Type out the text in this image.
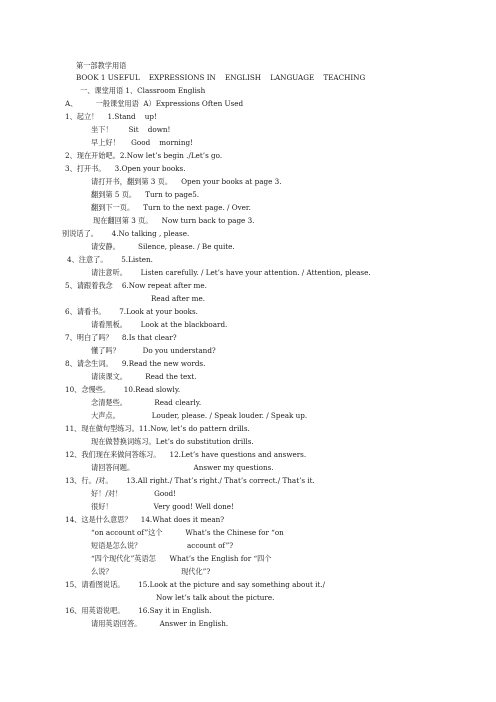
第一部教学用语
BOOK 1 USEFUL    EXPRESSIONS IN    ENGLISH    LANGUAGE    TEACHING
一、课堂用语 1、Classroom English
A、        一般课堂用语  A）Expressions Often Used
1、起立！    1.Stand    up!
坐下！       Sit    down!
早上好！     Good    morning!
2、现在开始吧。2.Now let’s begin ./Let’s go.
3、打开书。    3.Open your books.
请打开书，翻到第 3 页。    Open your books at page 3.
翻到第 5 页。    Turn to page5.
翻到下一页。    Turn to the next page. / Over.
现在翻回第 3 页。    Now turn back to page 3.
别说话了。      4.No talking , please.
请安静。        Silence, please. / Be quite.
4、注意了。      5.Listen.
请注意听。      Listen carefully. / Let’s have your attention. / Attention, please.
5、请跟着我念    6.Now repeat after me.
Read after me.
6、请看书。      7.Look at your books.
请看黑板。      Look at the blackboard.
7、明白了吗？    8.Is that clear?
懂了吗？          Do you understand?
8、请念生词。    9.Read the new words.
请读课文。        Read the text.
10、念慢些。      10.Read slowly.
念清楚些。            Read clearly.
大声点。              Louder, please. / Speak louder. / Speak up.
11、现在做句型练习。11.Now, let’s do pattern drills.
现在做替换词练习。Let’s do substitution drills.
12、我们现在来做问答练习。    12.Let’s have questions and answers.
请回答问题。                          Answer my questions.
13、行。/对。      13.All right./ That’s right./ That’s correct./ That’s it.
好！/对！              Good!
很好！                  Very good! Well done!
14、这是什么意思？    14.What does it mean?
“on account of”这个          What’s the Chinese for “on
短语是怎么说？                    account of”?
“四个现代化”英语怎      What’s the English for “四个
么说？                              现代化”?
15、请看图说话。      15.Look at the picture and say something about it./
Now let’s talk about the picture.
16、用英语说吧。      16.Say it in English.
请用英语回答。        Answer in English.
